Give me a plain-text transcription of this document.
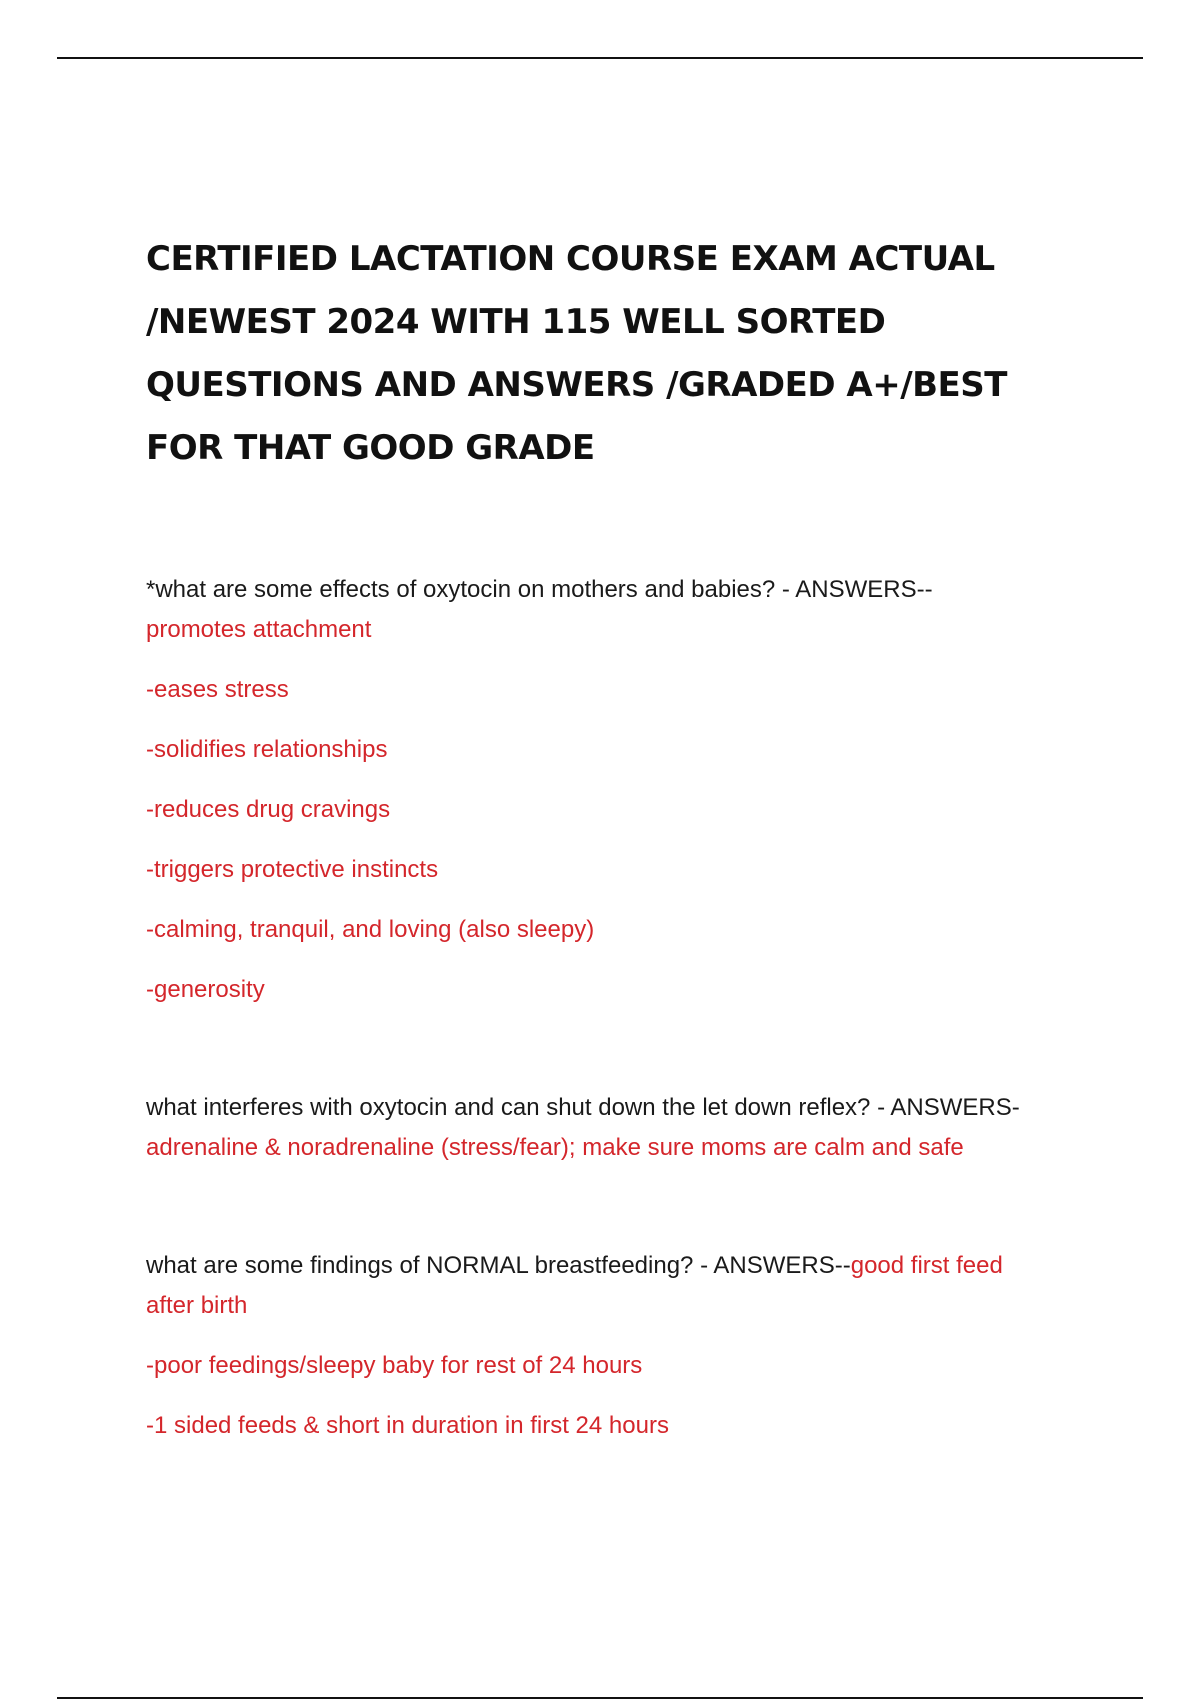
CERTIFIED LACTATION COURSE EXAM ACTUAL
/NEWEST 2024 WITH 115 WELL SORTED
QUESTIONS AND ANSWERS /GRADED A+/BEST
FOR THAT GOOD GRADE
*what are some effects of oxytocin on mothers and babies? - ANSWERS--
promotes attachment
-eases stress
-solidifies relationships
-reduces drug cravings
-triggers protective instincts
-calming, tranquil, and loving (also sleepy)
-generosity
what interferes with oxytocin and can shut down the let down reflex? - ANSWERS-
adrenaline & noradrenaline (stress/fear); make sure moms are calm and safe
what are some findings of NORMAL breastfeeding? - ANSWERS--good first feed
after birth
-poor feedings/sleepy baby for rest of 24 hours
-1 sided feeds & short in duration in first 24 hours
